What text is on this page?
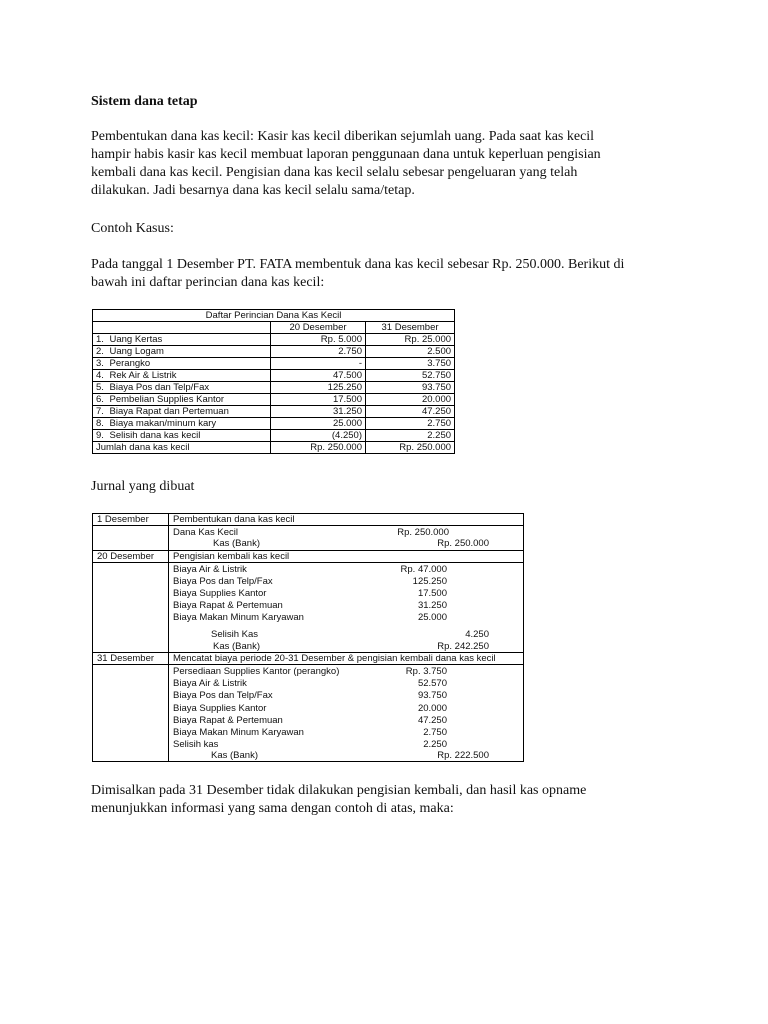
Sistem dana tetap
Pembentukan dana kas kecil: Kasir kas kecil diberikan sejumlah uang. Pada saat kas kecil
hampir habis kasir kas kecil membuat laporan penggunaan dana untuk keperluan pengisian
kembali dana kas kecil. Pengisian dana kas kecil selalu sebesar pengeluaran yang telah
dilakukan. Jadi besarnya dana kas kecil selalu sama/tetap.
Contoh Kasus:
Pada tanggal 1 Desember PT. FATA membentuk dana kas kecil sebesar Rp. 250.000. Berikut di
bawah ini daftar perincian dana kas kecil:
Daftar Perincian Dana Kas Kecil			
		20 Desember	31 Desember
1.	Uang Kertas	Rp. 5.000	Rp. 25.000
2.	Uang Logam	2.750	2.500
3.	Perangko	-	3.750
4.	Rek Air & Listrik	47.500	52.750
5.	Biaya Pos dan Telp/Fax	125.250	93.750
6.	Pembelian Supplies Kantor	17.500	20.000
7.	Biaya Rapat dan Pertemuan	31.250	47.250
8.	Biaya makan/minum kary	25.000	2.750
9.	Selisih dana kas kecil	(4.250)	2.250
Jumlah dana kas kecil		Rp. 250.000	Rp. 250.000
Jurnal yang dibuat
1 Desember	Pembentukan dana kas kecil
Dana Kas Kecil	Rp. 250.000
Kas (Bank)	Rp. 250.000
20 Desember Pengisian kembali kas kecil
Biaya Air & Listrik	Rp. 47.000
Biaya Pos dan Telp/Fax	125.250
Biaya Supplies Kantor	17.500
Biaya Rapat & Pertemuan	31.250
Biaya Makan Minum Karyawan	25.000
Selisih Kas	4.250
Kas (Bank)	Rp. 242.250
31 Desember Mencatat biaya periode 20-31 Desember & pengisian kembali dana kas kecil
Persediaan Supplies Kantor (perangko)	Rp. 3.750
Biaya Air & Listrik	52.570
Biaya Pos dan Telp/Fax	93.750
Biaya Supplies Kantor	20.000
Biaya Rapat & Pertemuan	47.250
Biaya Makan Minum Karyawan	2.750
Selisih kas	2.250
Kas (Bank)	Rp. 222.500
Dimisalkan pada 31 Desember tidak dilakukan pengisian kembali, dan hasil kas opname
menunjukkan informasi yang sama dengan contoh di atas, maka:
